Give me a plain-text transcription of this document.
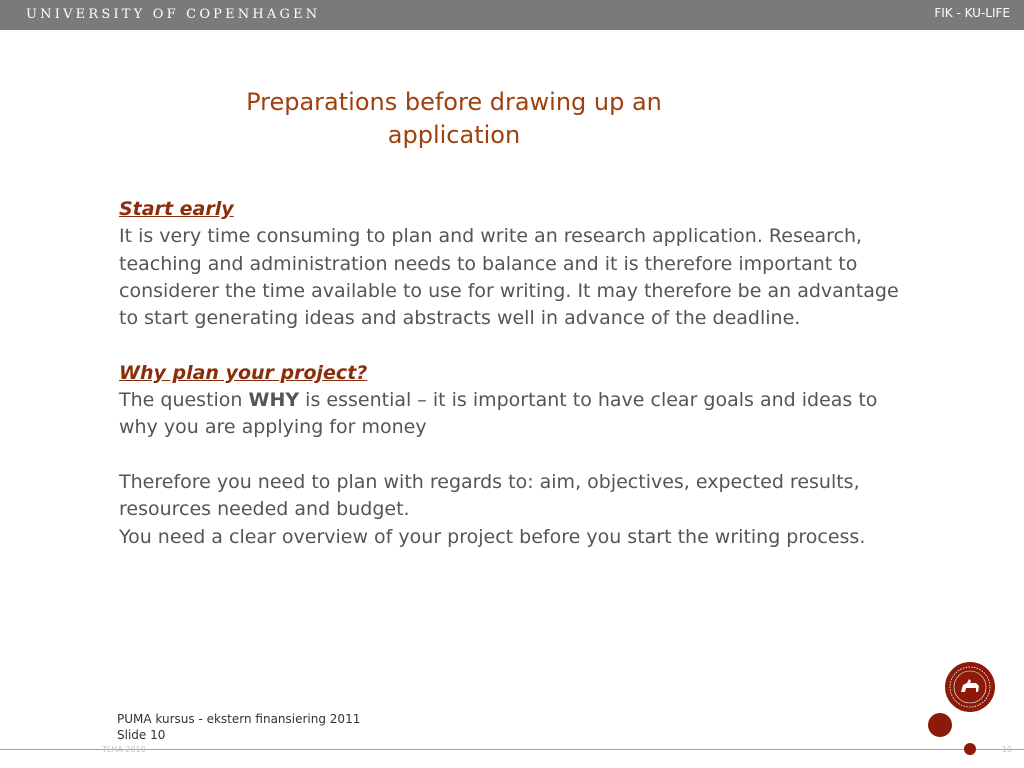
UNIVERSITY OF COPENHAGEN	FIK - KU-LIFE
Preparations before drawing up an application

Start early

It is very time consuming to plan and write an research application. Research, teaching and administration needs to balance and it is therefore important to considerer the time available to use for writing. It may therefore be an advantage to start generating ideas and abstracts well in advance of the deadline.

Why plan your project?

The question WHY is essential – it is important to have clear goals and ideas to why you are applying for money

Therefore you need to plan with regards to: aim, objectives, expected results, resources needed and budget.

You need a clear overview of your project before you start the writing process.

PUMA kursus - ekstern finansiering 2011
Slide 10
TLHA 2010	10
